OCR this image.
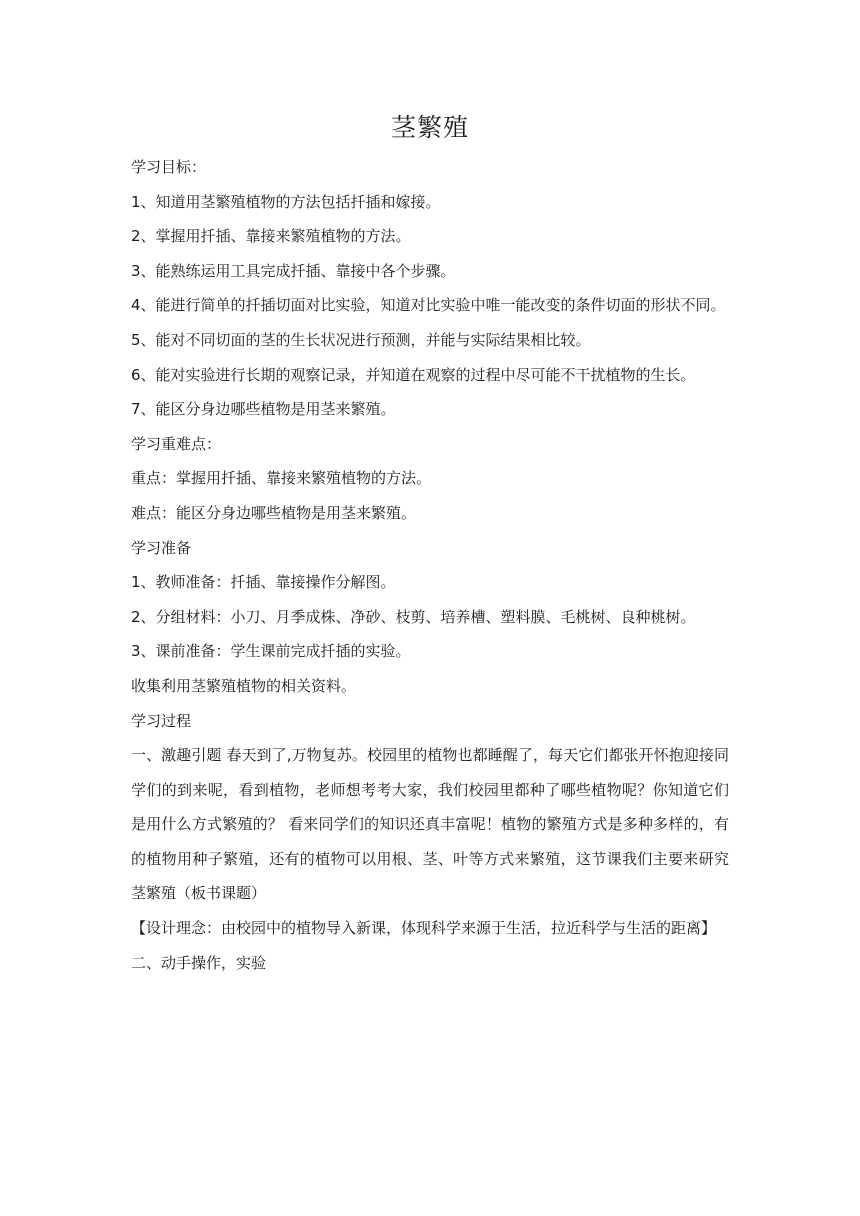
茎繁殖

学习目标：

1、知道用茎繁殖植物的方法包括扦插和嫁接。

2、掌握用扦插、靠接来繁殖植物的方法。

3、能熟练运用工具完成扦插、靠接中各个步骤。

4、能进行简单的扦插切面对比实验，知道对比实验中唯一能改变的条件切面的形状不同。

5、能对不同切面的茎的生长状况进行预测，并能与实际结果相比较。

6、能对实验进行长期的观察记录，并知道在观察的过程中尽可能不干扰植物的生长。

7、能区分身边哪些植物是用茎来繁殖。

学习重难点：

重点：掌握用扦插、靠接来繁殖植物的方法。

难点：能区分身边哪些植物是用茎来繁殖。

学习准备

1、教师准备：扦插、靠接操作分解图。

2、分组材料：小刀、月季成株、净砂、枝剪、培养槽、塑料膜、毛桃树、良种桃树。

3、课前准备：学生课前完成扦插的实验。

收集利用茎繁殖植物的相关资料。

学习过程

一、激趣引题 春天到了,万物复苏。校园里的植物也都睡醒了，每天它们都张开怀抱迎接同学们的到来呢，看到植物，老师想考考大家，我们校园里都种了哪些植物呢？你知道它们是用什么方式繁殖的？ 看来同学们的知识还真丰富呢！植物的繁殖方式是多种多样的，有的植物用种子繁殖，还有的植物可以用根、茎、叶等方式来繁殖，这节课我们主要来研究茎繁殖（板书课题）

【设计理念：由校园中的植物导入新课，体现科学来源于生活，拉近科学与生活的距离】

二、动手操作，实验
